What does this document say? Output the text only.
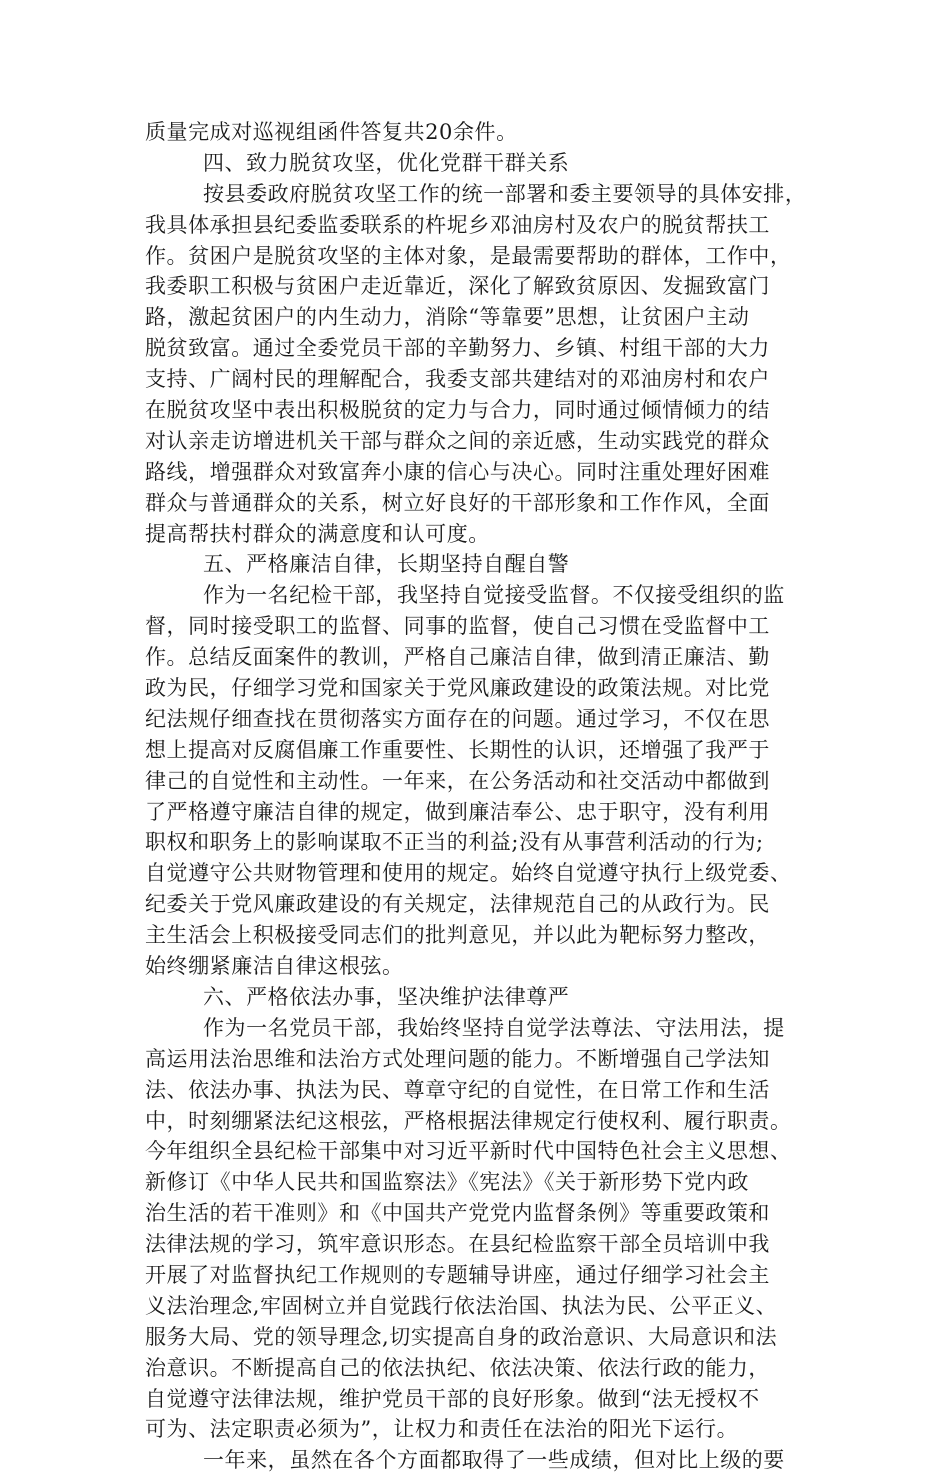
质量完成对巡视组函件答复共20余件。
四、致力脱贫攻坚，优化党群干群关系
按县委政府脱贫攻坚工作的统一部署和委主要领导的具体安排，
我具体承担县纪委监委联系的杵坭乡邓油房村及农户的脱贫帮扶工
作。贫困户是脱贫攻坚的主体对象，是最需要帮助的群体，工作中，
我委职工积极与贫困户走近靠近，深化了解致贫原因、发掘致富门
路，激起贫困户的内生动力，消除“等靠要”思想，让贫困户主动
脱贫致富。通过全委党员干部的辛勤努力、乡镇、村组干部的大力
支持、广阔村民的理解配合，我委支部共建结对的邓油房村和农户
在脱贫攻坚中表出积极脱贫的定力与合力，同时通过倾情倾力的结
对认亲走访增进机关干部与群众之间的亲近感，生动实践党的群众
路线，增强群众对致富奔小康的信心与决心。同时注重处理好困难
群众与普通群众的关系，树立好良好的干部形象和工作作风，全面
提高帮扶村群众的满意度和认可度。
五、严格廉洁自律，长期坚持自醒自警
作为一名纪检干部，我坚持自觉接受监督。不仅接受组织的监
督，同时接受职工的监督、同事的监督，使自己习惯在受监督中工
作。总结反面案件的教训，严格自己廉洁自律，做到清正廉洁、勤
政为民，仔细学习党和国家关于党风廉政建设的政策法规。对比党
纪法规仔细查找在贯彻落实方面存在的问题。通过学习，不仅在思
想上提高对反腐倡廉工作重要性、长期性的认识，还增强了我严于
律己的自觉性和主动性。一年来，在公务活动和社交活动中都做到
了严格遵守廉洁自律的规定，做到廉洁奉公、忠于职守，没有利用
职权和职务上的影响谋取不正当的利益;没有从事营利活动的行为;
自觉遵守公共财物管理和使用的规定。始终自觉遵守执行上级党委、
纪委关于党风廉政建设的有关规定，法律规范自己的从政行为。民
主生活会上积极接受同志们的批判意见，并以此为靶标努力整改，
始终绷紧廉洁自律这根弦。
六、严格依法办事，坚决维护法律尊严
作为一名党员干部，我始终坚持自觉学法尊法、守法用法，提
高运用法治思维和法治方式处理问题的能力。不断增强自己学法知
法、依法办事、执法为民、尊章守纪的自觉性，在日常工作和生活
中，时刻绷紧法纪这根弦，严格根据法律规定行使权利、履行职责。
今年组织全县纪检干部集中对习近平新时代中国特色社会主义思想、
新修订《中华人民共和国监察法》《宪法》《关于新形势下党内政
治生活的若干准则》和《中国共产党党内监督条例》等重要政策和
法律法规的学习，筑牢意识形态。在县纪检监察干部全员培训中我
开展了对监督执纪工作规则的专题辅导讲座，通过仔细学习社会主
义法治理念,牢固树立并自觉践行依法治国、执法为民、公平正义、
服务大局、党的领导理念,切实提高自身的政治意识、大局意识和法
治意识。不断提高自己的依法执纪、依法决策、依法行政的能力，
自觉遵守法律法规，维护党员干部的良好形象。做到“法无授权不
可为、法定职责必须为”，让权力和责任在法治的阳光下运行。
一年来，虽然在各个方面都取得了一些成绩，但对比上级的要
